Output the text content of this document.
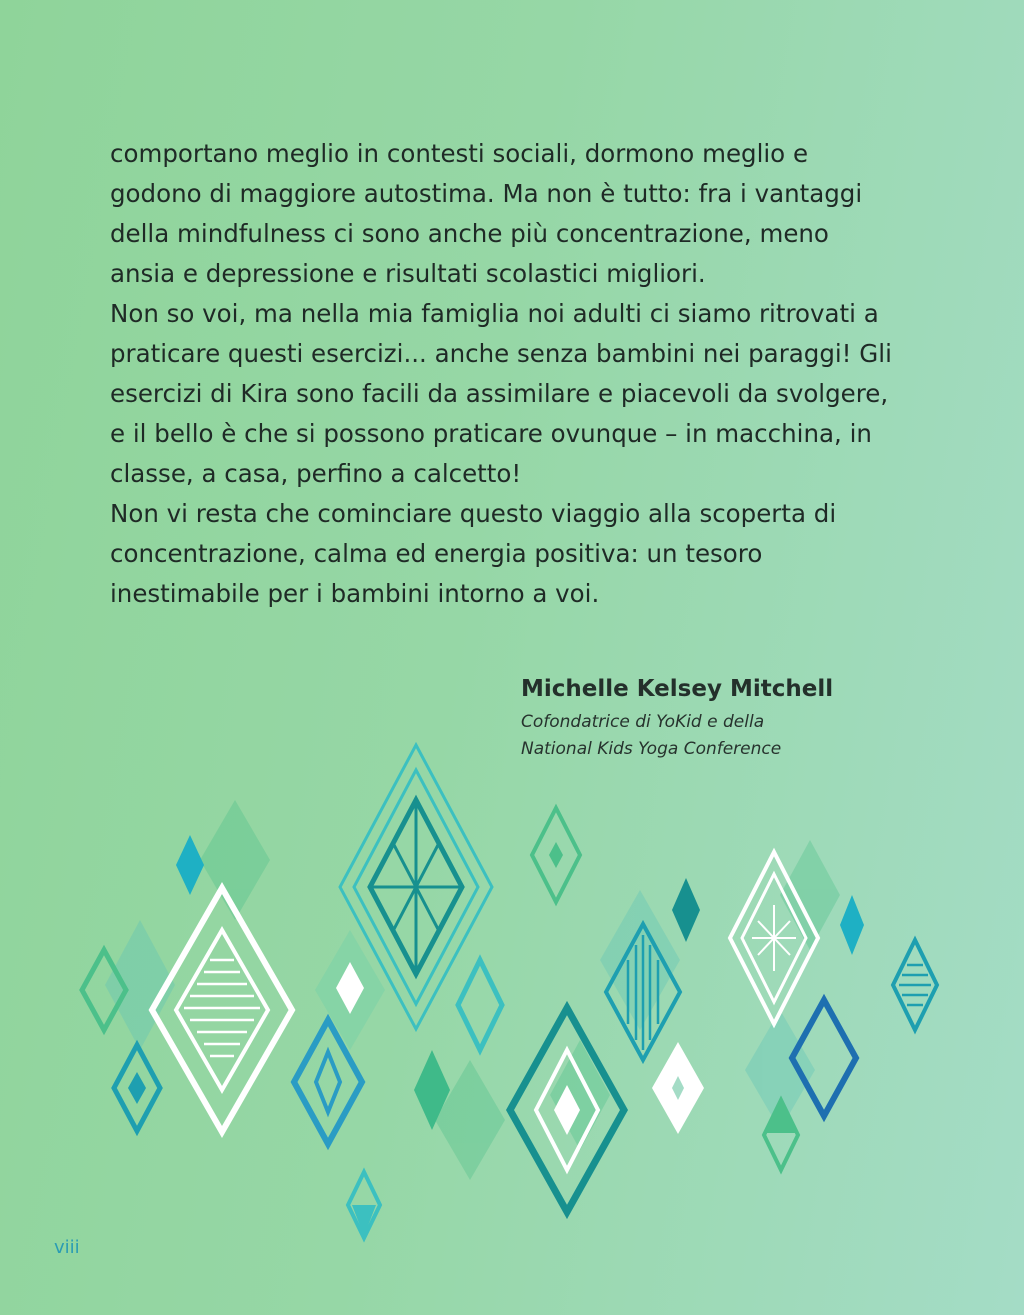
comportano meglio in contesti sociali, dormono meglio e
godono di maggiore autostima. Ma non è tutto: fra i vantaggi
della mindfulness ci sono anche più concentrazione, meno
ansia e depressione e risultati scolastici migliori.

Non so voi, ma nella mia famiglia noi adulti ci siamo ritrovati a
praticare questi esercizi... anche senza bambini nei paraggi! Gli
esercizi di Kira sono facili da assimilare e piacevoli da svolgere,
e il bello è che si possono praticare ovunque – in macchina, in
classe, a casa, perfino a calcetto!

Non vi resta che cominciare questo viaggio alla scoperta di
concentrazione, calma ed energia positiva: un tesoro
inestimabile per i bambini intorno a voi.

Michelle Kelsey Mitchell
Cofondatrice di YoKid e della
National Kids Yoga Conference
viii
